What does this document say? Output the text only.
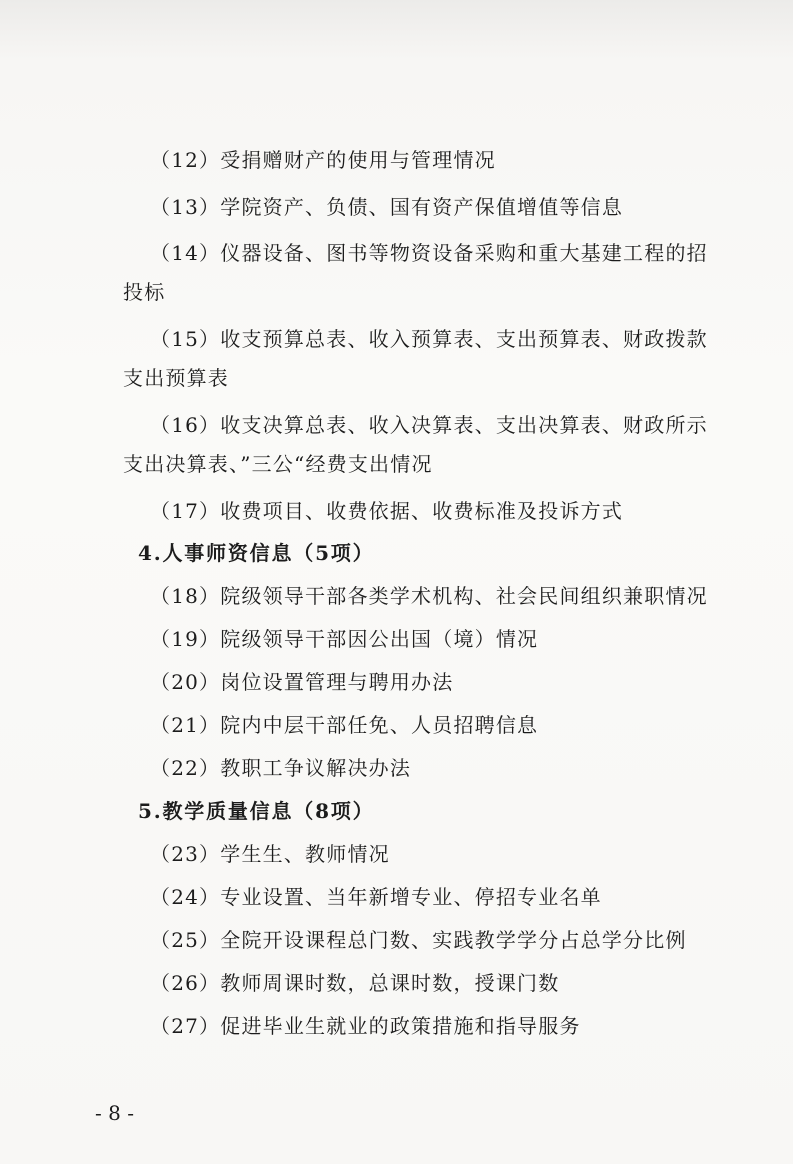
（12）受捐赠财产的使用与管理情况
（13）学院资产、负债、国有资产保值增值等信息
（14）仪器设备、图书等物资设备采购和重大基建工程的招
投标
（15）收支预算总表、收入预算表、支出预算表、财政拨款
支出预算表
（16）收支决算总表、收入决算表、支出决算表、财政所示
支出决算表、”三公“经费支出情况
（17）收费项目、收费依据、收费标准及投诉方式
4.人事师资信息（5项）
（18）院级领导干部各类学术机构、社会民间组织兼职情况
（19）院级领导干部因公出国（境）情况
（20）岗位设置管理与聘用办法
（21）院内中层干部任免、人员招聘信息
（22）教职工争议解决办法
5.教学质量信息（8项）
（23）学生生、教师情况
（24）专业设置、当年新增专业、停招专业名单
（25）全院开设课程总门数、实践教学学分占总学分比例
（26）教师周课时数，总课时数，授课门数
（27）促进毕业生就业的政策措施和指导服务
- 8 -
